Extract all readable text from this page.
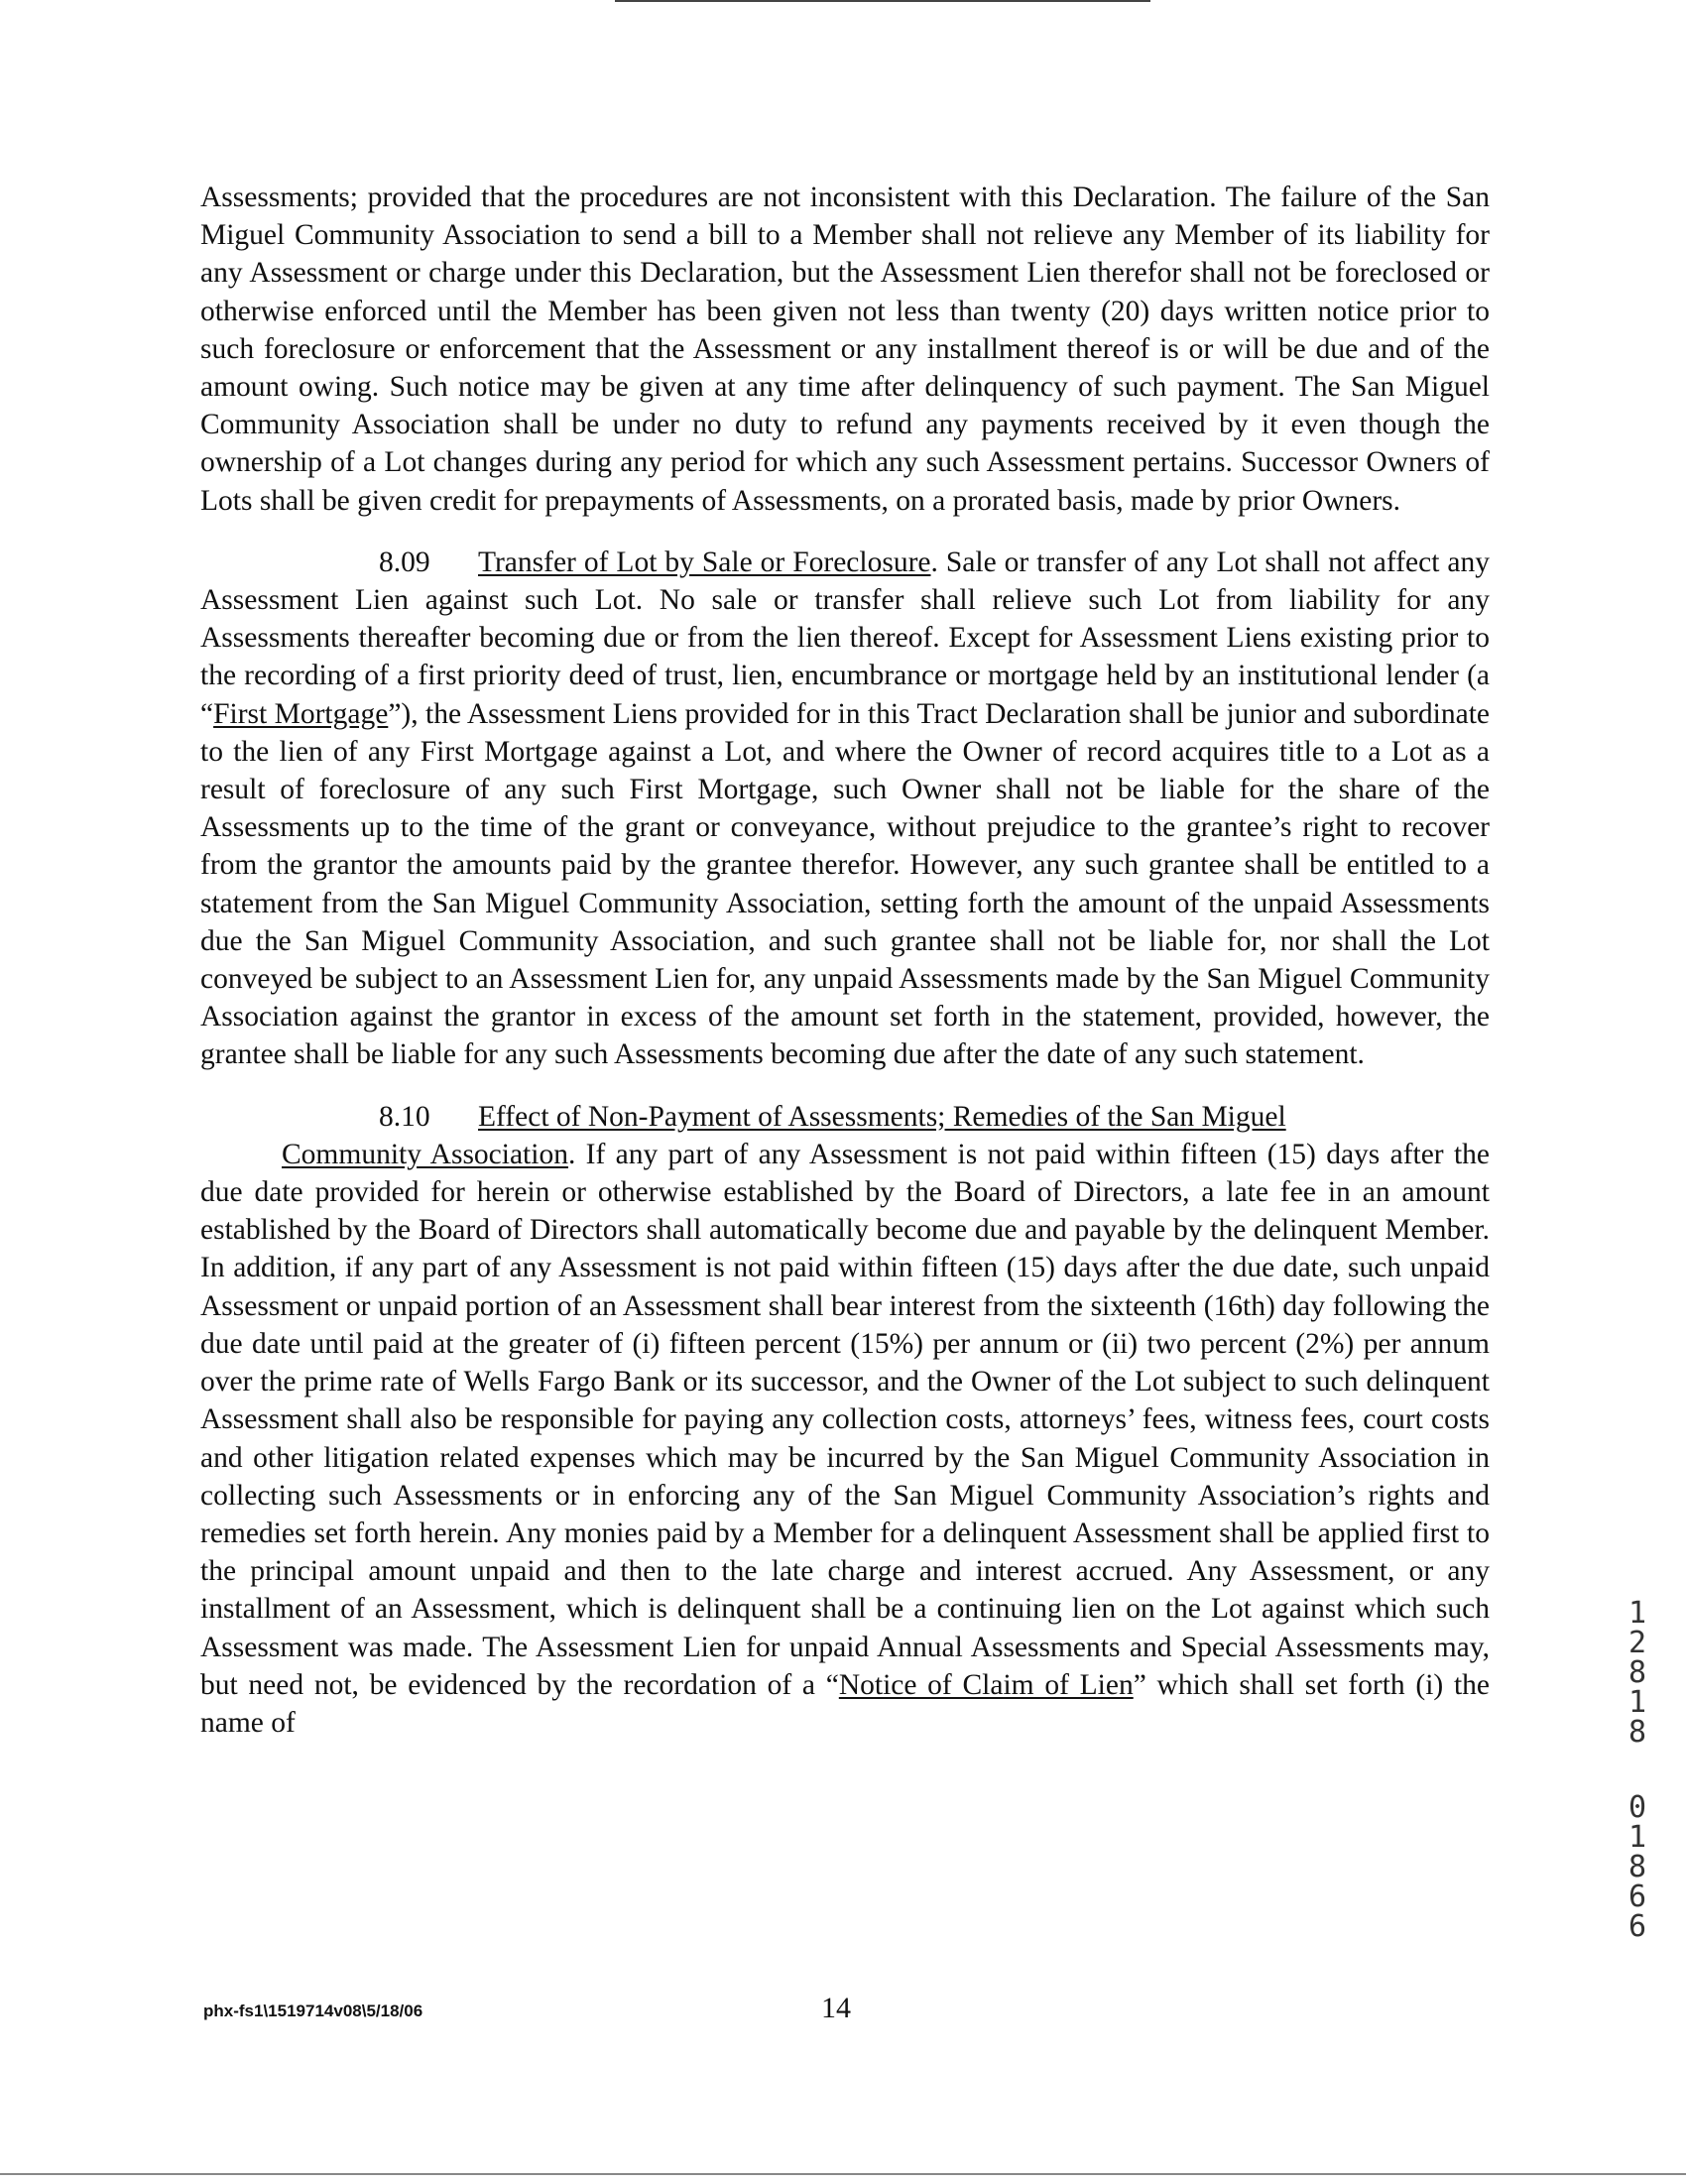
Assessments; provided that the procedures are not inconsistent with this Declaration. The failure of the San Miguel Community Association to send a bill to a Member shall not relieve any Member of its liability for any Assessment or charge under this Declaration, but the Assessment Lien therefor shall not be foreclosed or otherwise enforced until the Member has been given not less than twenty (20) days written notice prior to such foreclosure or enforcement that the Assessment or any installment thereof is or will be due and of the amount owing. Such notice may be given at any time after delinquency of such payment. The San Miguel Community Association shall be under no duty to refund any payments received by it even though the ownership of a Lot changes during any period for which any such Assessment pertains. Successor Owners of Lots shall be given credit for prepayments of Assessments, on a prorated basis, made by prior Owners.

8.09 Transfer of Lot by Sale or Foreclosure. Sale or transfer of any Lot shall not affect any Assessment Lien against such Lot. No sale or transfer shall relieve such Lot from liability for any Assessments thereafter becoming due or from the lien thereof. Except for Assessment Liens existing prior to the recording of a first priority deed of trust, lien, encumbrance or mortgage held by an institutional lender (a “First Mortgage”), the Assessment Liens provided for in this Tract Declaration shall be junior and subordinate to the lien of any First Mortgage against a Lot, and where the Owner of record acquires title to a Lot as a result of foreclosure of any such First Mortgage, such Owner shall not be liable for the share of the Assessments up to the time of the grant or conveyance, without prejudice to the grantee’s right to recover from the grantor the amounts paid by the grantee therefor. However, any such grantee shall be entitled to a statement from the San Miguel Community Association, setting forth the amount of the unpaid Assessments due the San Miguel Community Association, and such grantee shall not be liable for, nor shall the Lot conveyed be subject to an Assessment Lien for, any unpaid Assessments made by the San Miguel Community Association against the grantor in excess of the amount set forth in the statement, provided, however, the grantee shall be liable for any such Assessments becoming due after the date of any such statement.

8.10 Effect of Non-Payment of Assessments; Remedies of the San Miguel
Community Association. If any part of any Assessment is not paid within fifteen (15) days after the due date provided for herein or otherwise established by the Board of Directors, a late fee in an amount established by the Board of Directors shall automatically become due and payable by the delinquent Member. In addition, if any part of any Assessment is not paid within fifteen (15) days after the due date, such unpaid Assessment or unpaid portion of an Assessment shall bear interest from the sixteenth (16th) day following the due date until paid at the greater of (i) fifteen percent (15%) per annum or (ii) two percent (2%) per annum over the prime rate of Wells Fargo Bank or its successor, and the Owner of the Lot subject to such delinquent Assessment shall also be responsible for paying any collection costs, attorneys’ fees, witness fees, court costs and other litigation related expenses which may be incurred by the San Miguel Community Association in collecting such Assessments or in enforcing any of the San Miguel Community Association’s rights and remedies set forth herein. Any monies paid by a Member for a delinquent Assessment shall be applied first to the principal amount unpaid and then to the late charge and interest accrued. Any Assessment, or any installment of an Assessment, which is delinquent shall be a continuing lien on the Lot against which such Assessment was made. The Assessment Lien for unpaid Annual Assessments and Special Assessments may, but need not, be evidenced by the recordation of a “Notice of Claim of Lien” which shall set forth (i) the name of

1
2
8
1
8
0
1
8
6
6
phx-fs1\1519714v08\5/18/06	14
